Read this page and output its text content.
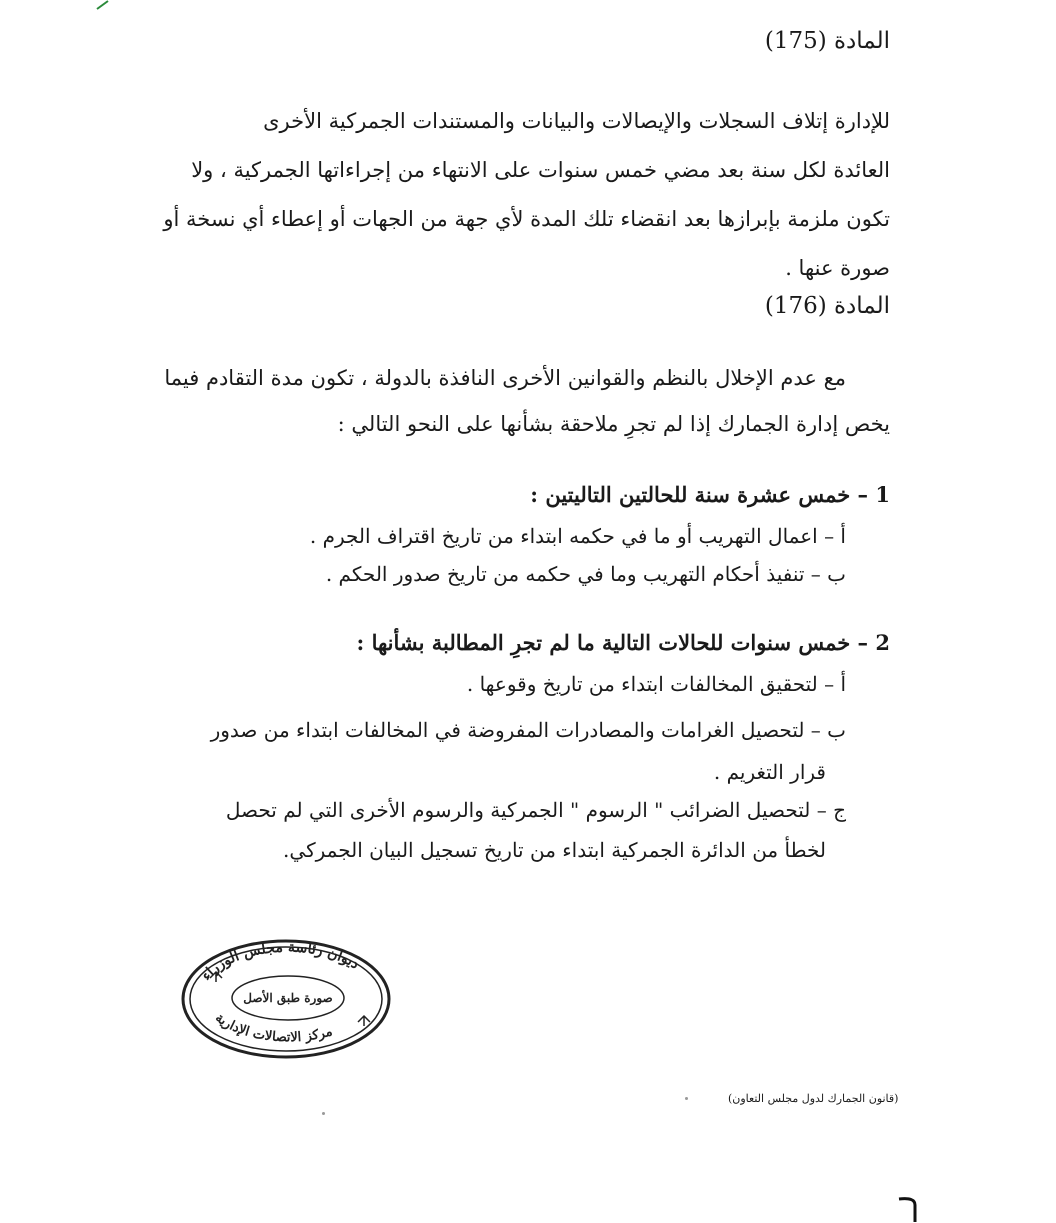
المادة (175)
للإدارة إتلاف السجلات والإيصالات والبيانات والمستندات الجمركية الأخرى
العائدة لكل سنة بعد مضي خمس سنوات على الانتهاء من إجراءاتها الجمركية ، ولا
تكون ملزمة بإبرازها بعد انقضاء تلك المدة لأي جهة من الجهات أو إعطاء أي نسخة أو
صورة عنها .
المادة (176)
مع عدم الإخلال بالنظم والقوانين الأخرى النافذة بالدولة ، تكون مدة التقادم فيما
يخص إدارة الجمارك إذا لم تجرِ ملاحقة بشأنها على النحو التالي :
1 – خمس عشرة سنة للحالتين التاليتين :
أ – اعمال التهريب أو ما في حكمه ابتداء من تاريخ اقتراف الجرم .
ب – تنفيذ أحكام التهريب وما في حكمه من تاريخ صدور الحكم .
2 – خمس سنوات للحالات التالية ما لم تجرِ المطالبة بشأنها :
أ – لتحقيق المخالفات ابتداء من تاريخ وقوعها .
ب – لتحصيل الغرامات والمصادرات المفروضة في المخالفات ابتداء من صدور
قرار التغريم .
ج – لتحصيل الضرائب " الرسوم " الجمركية والرسوم الأخرى التي لم تحصل
لخطأ من الدائرة الجمركية ابتداء من تاريخ تسجيل البيان الجمركي.
ديوان رئاسة مجلس الوزراء
مركز الاتصالات الإدارية
صورة طبق الأصل
(قانون الجمارك لدول مجلس التعاون)
